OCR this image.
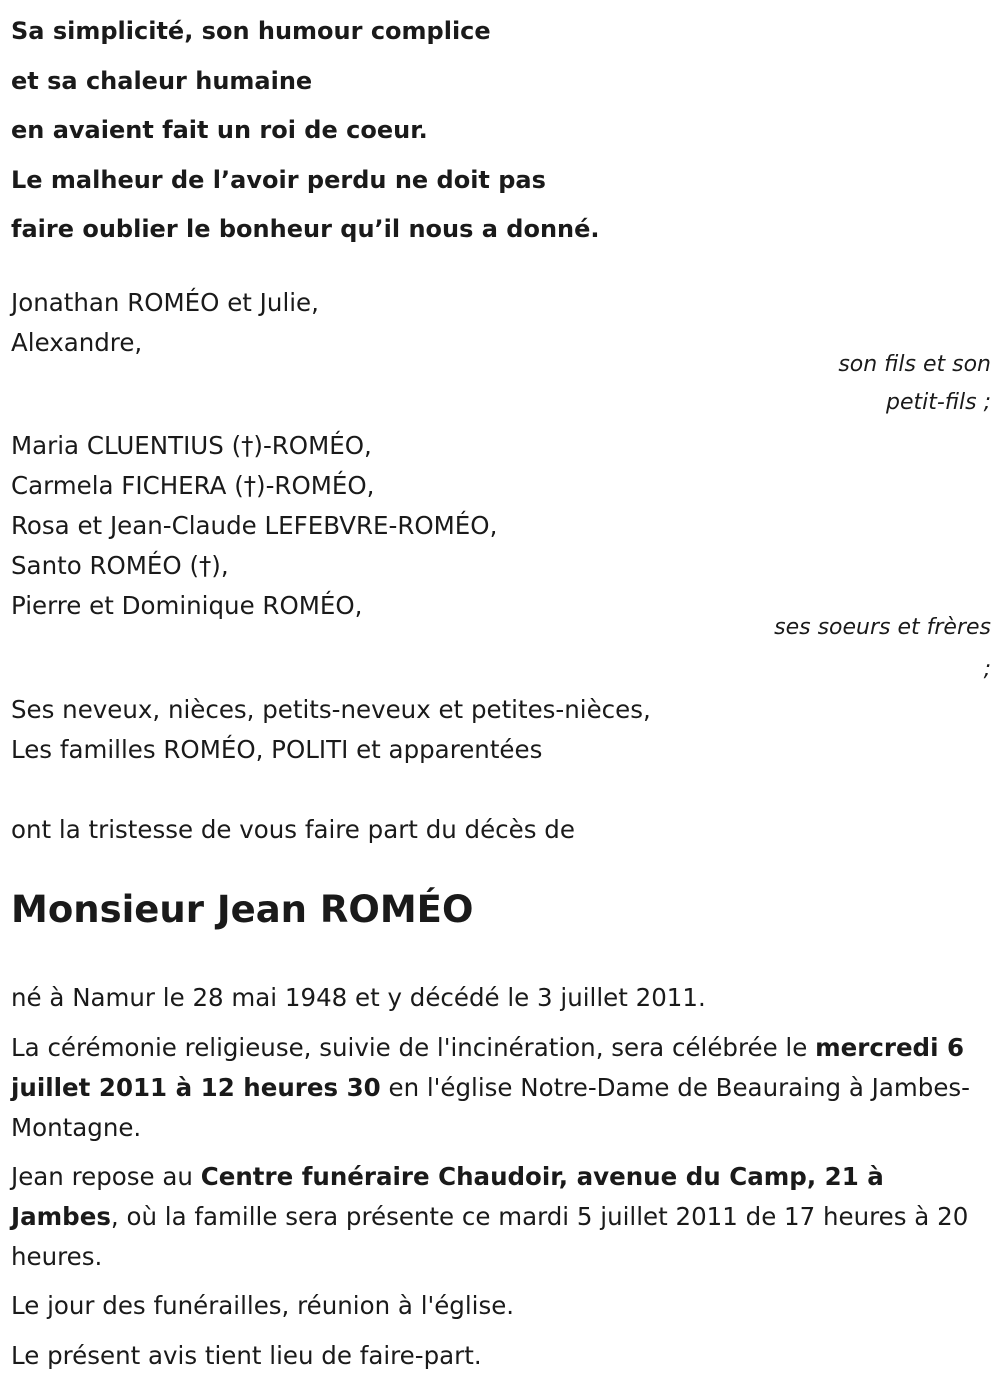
Sa simplicité, son humour complice
et sa chaleur humaine
en avaient fait un roi de coeur.
Le malheur de l’avoir perdu ne doit pas
faire oublier le bonheur qu’il nous a donné.
Jonathan ROMÉO et Julie,
Alexandre,
son fils et son
petit-fils ;
Maria CLUENTIUS (†)-ROMÉO,
Carmela FICHERA (†)-ROMÉO,
Rosa et Jean-Claude LEFEBVRE-ROMÉO,
Santo ROMÉO (†),
Pierre et Dominique ROMÉO,
ses soeurs et frères
;
Ses neveux, nièces, petits-neveux et petites-nièces,
Les familles ROMÉO, POLITI et apparentées
ont la tristesse de vous faire part du décès de
Monsieur Jean ROMÉO

né à Namur le 28 mai 1948 et y décédé le 3 juillet 2011.

La cérémonie religieuse, suivie de l'incinération, sera célébrée le mercredi 6 juillet 2011 à 12 heures 30 en l'église Notre-Dame de Beauraing à Jambes-Montagne.

Jean repose au Centre funéraire Chaudoir, avenue du Camp, 21 à Jambes, où la famille sera présente ce mardi 5 juillet 2011 de 17 heures à 20 heures.

Le jour des funérailles, réunion à l'église.

Le présent avis tient lieu de faire-part.
